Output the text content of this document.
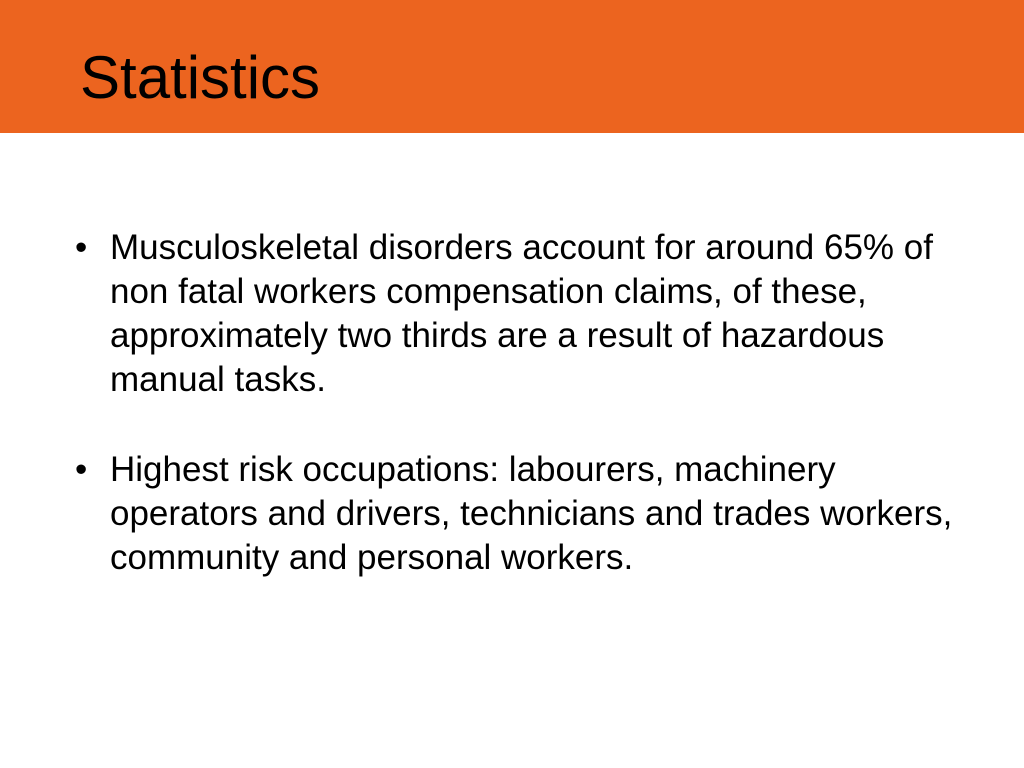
Statistics
• Musculoskeletal disorders account for around 65% of non fatal workers compensation claims, of these, approximately two thirds are a result of hazardous manual tasks.
• Highest risk occupations: labourers, machinery operators and drivers, technicians and trades workers, community and personal workers.
